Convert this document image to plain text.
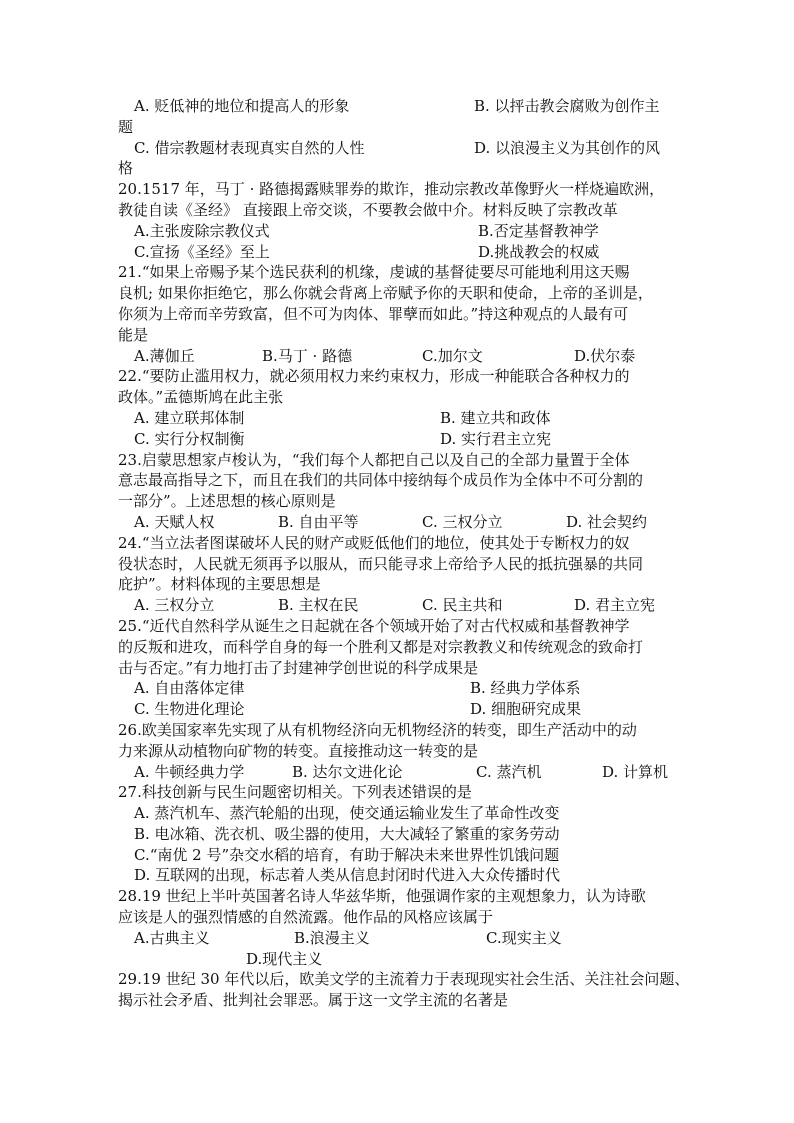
A. 贬低神的地位和提高人的形象	B. 以抨击教会腐败为创作主
题
C. 借宗教题材表现真实自然的人性	D. 以浪漫主义为其创作的风
格
20.1517 年，马丁 · 路德揭露赎罪券的欺诈，推动宗教改革像野火一样烧遍欧洲，
教徒自读《圣经》 直接跟上帝交谈，不要教会做中介。材料反映了宗教改革
A.主张废除宗教仪式	B.否定基督教神学
C.宣扬《圣经》至上	D.挑战教会的权威
21.“如果上帝赐予某个选民获利的机缘，虔诚的基督徒要尽可能地利用这天赐
良机; 如果你拒绝它，那么你就会背离上帝赋予你的天职和使命，上帝的圣训是，
你须为上帝而辛劳致富，但不可为肉体、罪孽而如此。”持这种观点的人最有可
能是
A.薄伽丘	B.马丁 · 路德	C.加尔文	D.伏尔泰
22.“要防止滥用权力，就必须用权力来约束权力，形成一种能联合各种权力的
政体。”孟德斯鸠在此主张
A. 建立联邦体制	B. 建立共和政体
C. 实行分权制衡	D. 实行君主立宪
23.启蒙思想家卢梭认为，“我们每个人都把自己以及自己的全部力量置于全体
意志最高指导之下，而且在我们的共同体中接纳每个成员作为全体中不可分割的
一部分”。上述思想的核心原则是
A. 天赋人权	B. 自由平等	C. 三权分立	D. 社会契约
24.“当立法者图谋破坏人民的财产或贬低他们的地位，使其处于专断权力的奴
役状态时，人民就无须再予以服从，而只能寻求上帝给予人民的抵抗强暴的共同
庇护”。材料体现的主要思想是
A. 三权分立	B. 主权在民	C. 民主共和	D. 君主立宪
25.“近代自然科学从诞生之日起就在各个领域开始了对古代权威和基督教神学
的反叛和进攻，而科学自身的每一个胜利又都是对宗教教义和传统观念的致命打
击与否定。”有力地打击了封建神学创世说的科学成果是
A. 自由落体定律	B. 经典力学体系
C. 生物进化理论	D. 细胞研究成果
26.欧美国家率先实现了从有机物经济向无机物经济的转变，即生产活动中的动
力来源从动植物向矿物的转变。直接推动这一转变的是
A. 牛顿经典力学	B. 达尔文进化论	C. 蒸汽机	D. 计算机
27.科技创新与民生问题密切相关。下列表述错误的是
A. 蒸汽机车、蒸汽轮船的出现，使交通运输业发生了革命性改变
B. 电冰箱、洗衣机、吸尘器的使用，大大减轻了繁重的家务劳动
C.“南优 2 号”杂交水稻的培育，有助于解决未来世界性饥饿问题
D. 互联网的出现，标志着人类从信息封闭时代进入大众传播时代
28.19 世纪上半叶英国著名诗人华兹华斯，他强调作家的主观想象力，认为诗歌
应该是人的强烈情感的自然流露。他作品的风格应该属于
A.古典主义	B.浪漫主义	C.现实主义
D.现代主义
29.19 世纪 30 年代以后，欧美文学的主流着力于表现现实社会生活、关注社会问题、
揭示社会矛盾、批判社会罪恶。属于这一文学主流的名著是
